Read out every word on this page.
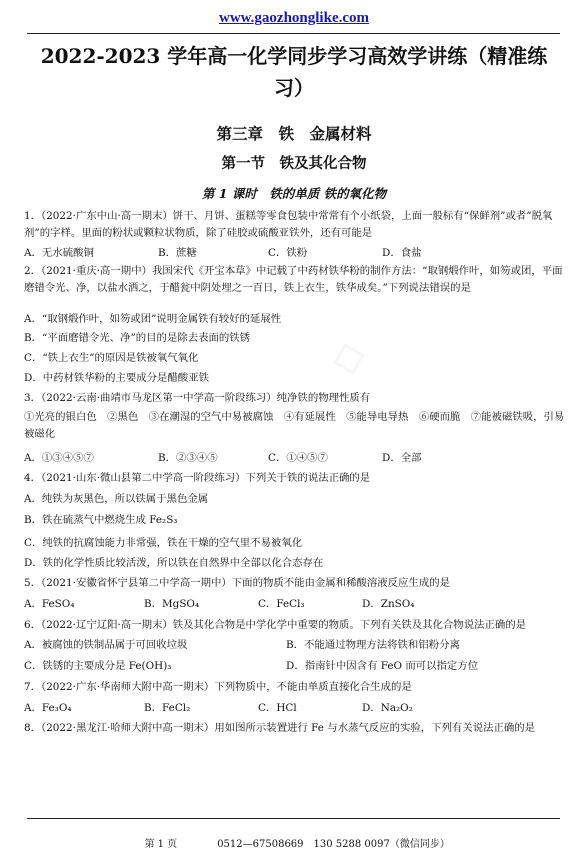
▫
www.gaozhonglike.com
2022-2023 学年高一化学同步学习高效学讲练（精准练习）
第三章　铁　金属材料
第一节　铁及其化合物
第 1 课时　铁的单质 铁的氧化物
1．（2022·广东中山·高一期末）饼干、月饼、蛋糕等零食包装中常常有个小纸袋，上面一般标有“保鲜剂”或者“脱氧剂”的字样。里面的粉状或颗粒状物质，除了硅胶或硫酸亚铁外，还有可能是
A．无水硫酸铜	B．蔗糖	C．铁粉	D．食盐
2．（2021·重庆·高一期中）我国宋代《开宝本草》中记载了中药材铁华粉的制作方法：“取钢煅作叶，如笏或团，平面磨错令光、净，以盐水洒之，于醋瓮中阴处埋之一百日，铁上衣生，铁华成矣。”下列说法错误的是
A．“取钢煅作叶，如笏或团”说明金属铁有较好的延展性
B．“平面磨错令光、净”的目的是除去表面的铁锈
C．“铁上衣生”的原因是铁被氧气氧化
D．中药材铁华粉的主要成分是醋酸亚铁
3．（2022·云南·曲靖市马龙区第一中学高一阶段练习）纯净铁的物理性质有
①光亮的银白色　②黑色　③在潮湿的空气中易被腐蚀　④有延展性　⑤能导电导热　⑥硬而脆　⑦能被磁铁吸，引易被磁化
A．①③④⑤⑦	B．②③④⑤	C．①④⑤⑦	D．全部
4．（2021·山东·微山县第二中学高一阶段练习）下列关于铁的说法正确的是
A．纯铁为灰黑色，所以铁属于黑色金属
B．铁在硫蒸气中燃烧生成 Fe₂S₃
C．纯铁的抗腐蚀能力非常强，铁在干燥的空气里不易被氧化
D．铁的化学性质比较活泼，所以铁在自然界中全部以化合态存在
5．（2021·安徽省怀宁县第二中学高一期中）下面的物质不能由金属和稀酸溶液反应生成的是
A．FeSO₄	B．MgSO₄	C．FeCl₃	D．ZnSO₄
6．（2022·辽宁辽阳·高一期末）铁及其化合物是中学化学中重要的物质。下列有关铁及其化合物说法正确的是
A．被腐蚀的铁制品属于可回收垃圾	B．不能通过物理方法将铁和铝粉分离
C．铁锈的主要成分是 Fe(OH)₃	D．指南针中因含有 FeO 而可以指定方位
7．（2022·广东·华南师大附中高一期末）下列物质中，不能由单质直接化合生成的是
A．Fe₃O₄	B．FeCl₂	C．HCl	D．Na₂O₂
8．（2022·黑龙江·哈师大附中高一期末）用如图所示装置进行 Fe 与水蒸气反应的实验，下列有关说法正确的是

第 1 页　　　　	0512—67508669　130 5288 0097（微信同步）
